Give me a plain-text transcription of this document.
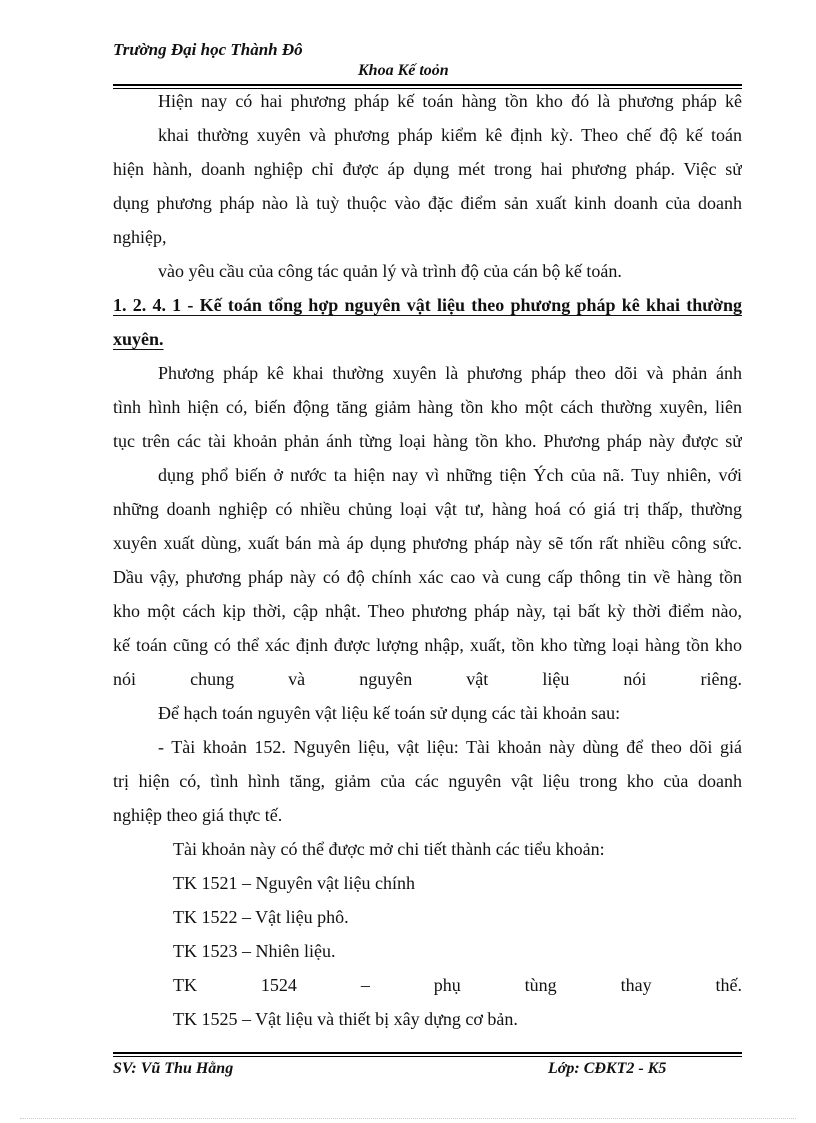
Trường Đại học Thành Đô
Khoa Kế toỏn
Hiện nay có hai phương pháp kế toán hàng tồn kho đó là phương pháp kê
khai thường xuyên và phương pháp kiểm kê định kỳ. Theo chế độ kế toán
hiện hành, doanh nghiệp chỉ được áp dụng mét trong hai phương pháp. Việc sử
dụng phương pháp nào là tuỳ thuộc vào đặc điểm sản xuất kinh doanh của doanh
nghiệp,
vào yêu cầu của công tác quản lý và trình độ của cán bộ kế toán.
1. 2. 4. 1 - Kế toán tổng hợp nguyên vật liệu theo phương pháp kê khai thường
xuyên.
Phương pháp kê khai thường xuyên là phương pháp theo dõi và phản ánh
tình hình hiện có, biến động tăng giảm hàng tồn kho một cách thường xuyên, liên
tục trên các tài khoản phản ánh từng loại hàng tồn kho. Phương pháp này được sử
dụng phổ biến ở nước ta hiện nay vì những tiện Ých của nã. Tuy nhiên, với
những doanh nghiệp có nhiều chủng loại vật tư, hàng hoá có giá trị thấp, thường
xuyên xuất dùng, xuất bán mà áp dụng phương pháp này sẽ tốn rất nhiều công sức.
Dầu vậy, phương pháp này có độ chính xác cao và cung cấp thông tin về hàng tồn
kho một cách kịp thời, cập nhật. Theo phương pháp này, tại bất kỳ thời điểm nào,
kế toán cũng có thể xác định được lượng nhập, xuất, tồn kho từng loại hàng tồn kho
nói chung và nguyên vật liệu nói riêng.
Để hạch toán nguyên vật liệu kế toán sử dụng các tài khoản sau:
- Tài khoản 152. Nguyên liệu, vật liệu: Tài khoản này dùng để theo dõi giá
trị hiện có, tình hình tăng, giảm của các nguyên vật liệu trong kho của doanh
nghiệp theo giá thực tế.
Tài khoản này có thể được mở chi tiết thành các tiểu khoản:
TK 1521 – Nguyên vật liệu chính
TK 1522 – Vật liệu phô.
TK 1523 – Nhiên liệu.
TK 1524 – phụ tùng thay thế.
TK 1525 – Vật liệu và thiết bị xây dựng cơ bản.
SV: Vũ Thu Hằng	Lớp: CĐKT2 - K5
